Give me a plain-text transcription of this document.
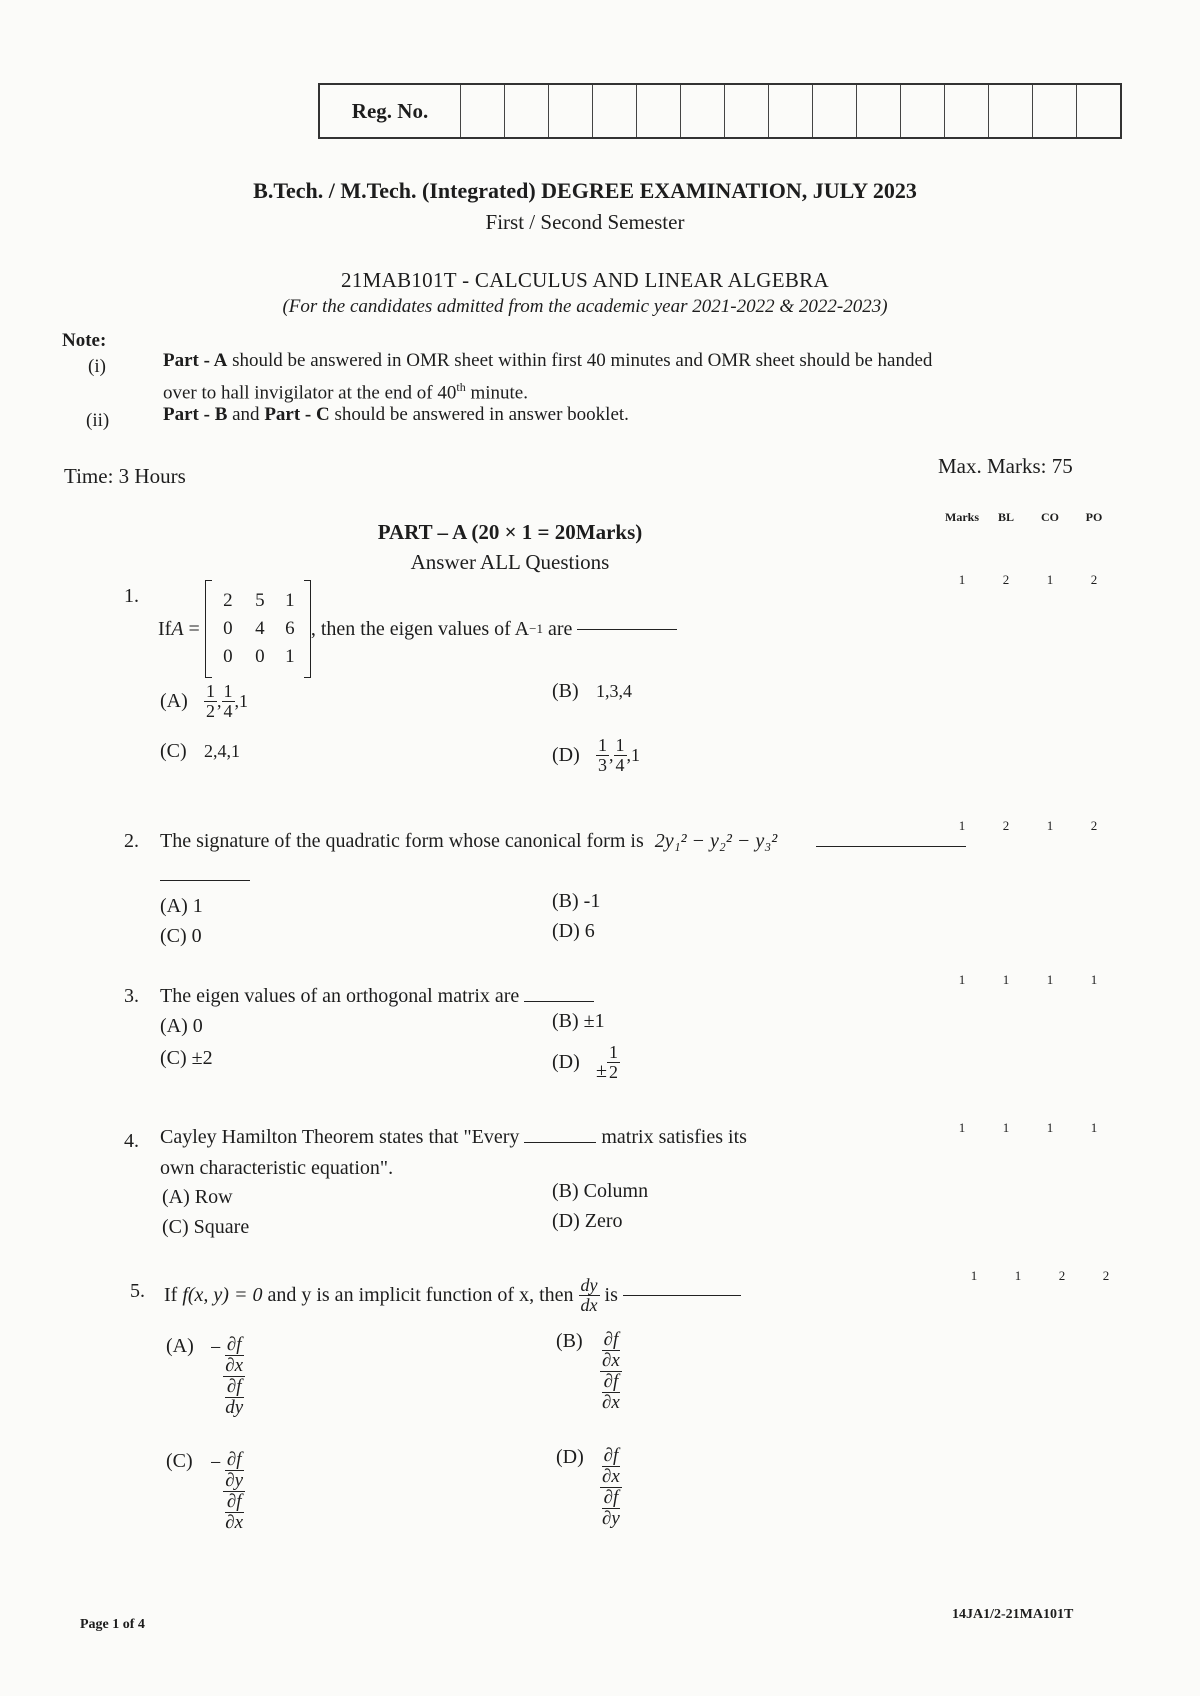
Reg. No.
B.Tech. / M.Tech. (Integrated) DEGREE EXAMINATION, JULY 2023
First / Second Semester
21MAB101T - CALCULUS AND LINEAR ALGEBRA
(For the candidates admitted from the academic year 2021-2022 & 2022-2023)
Note:
(i)	Part - A should be answered in OMR sheet within first 40 minutes and OMR sheet should be handed
over to hall invigilator at the end of 40th minute.
(ii)	Part - B and Part - C should be answered in answer booklet.
Time: 3 Hours	Max. Marks: 75
PART – A (20 × 1 = 20Marks)
Answer ALL Questions
Marks	BL	CO	PO
1.
1	2	1	2
If A =
2	5	1
0	4	6
0	0	1
, then the eigen values of A −1 are
$(A) \frac{1}{2}$ , $\frac{1}{4} ,1$	(B) 1,3,4
(C) 2,4,1	$(D) \frac{1}{3}$ , $\frac{1}{4} ,1$
2.
1	2	1	2
The signature of the quadratic form whose canonical form is 2y₁² − y₂² − y₃²
(A) 1	(B) -1
(C) 0	(D) 6
3.
1	1	1	1
The eigen values of an orthogonal matrix are
(A) 0	(B) ±1
(C) ±2	$(D) \pm \frac{1}{2}$
4.
1	1	1	1
Cayley Hamilton Theorem states that "Every	matrix satisfies its
own characteristic equation".
(A) Row	(B) Column
(C) Square	(D) Zero
5.
1	1	2	2
If f(x, y) = 0 and y is an implicit function of x, then $\frac{dy}{dx}$ is
(A) − ∂f
∂x
∂f
dy
(B)	∂f
∂x
∂f
∂x
(C) − ∂f
∂y
∂f
∂x
(D)	∂f
∂x
∂f
∂y
Page 1 of 4
14JA1/2-21MA101T
